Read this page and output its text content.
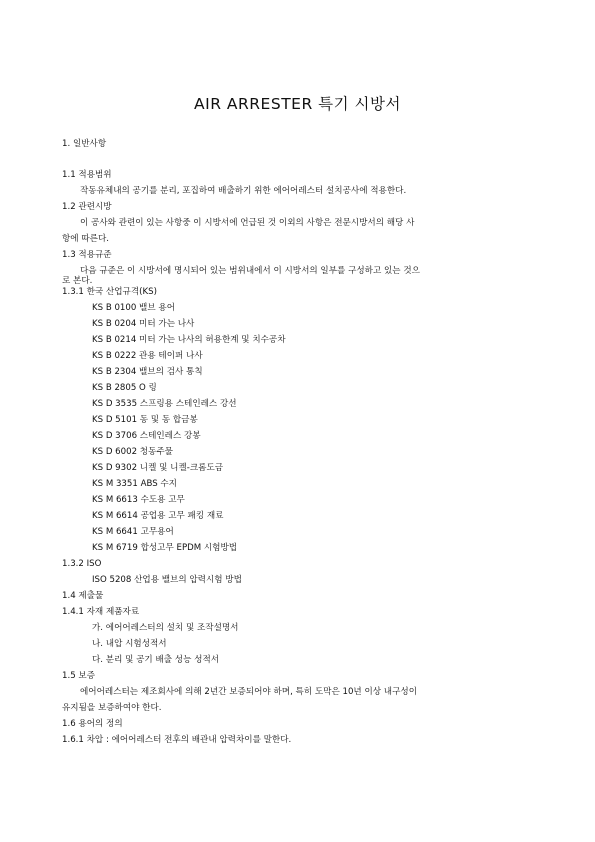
AIR ARRESTER 특기 시방서
1. 일반사항
1.1 적용범위
작동유체내의 공기를 분리, 포집하여 배출하기 위한 에어어레스터 설치공사에 적용한다.
1.2 관련시방
이 공사와 관련이 있는 사항중 이 시방서에 언급된 것 이외의 사항은 전문시방서의 해당 사
항에 따른다.
1.3 적용규준
다음 규준은 이 시방서에 명시되어 있는 범위내에서 이 시방서의 일부를 구성하고 있는 것으
로 본다.
1.3.1 한국 산업규격(KS)
KS B 0100 밸브 용어
KS B 0204 미터 가는 나사
KS B 0214 미터 가는 나사의 허용한계 및 치수공차
KS B 0222 관용 테이퍼 나사
KS B 2304 밸브의 검사 통칙
KS B 2805 O 링
KS D 3535 스프링용 스테인레스 강선
KS D 5101 동 및 동 합금봉
KS D 3706 스테인레스 강봉
KS D 6002 청동주물
KS D 9302 니켈 및 니켈-크롬도금
KS M 3351 ABS 수지
KS M 6613 수도용 고무
KS M 6614 공업용 고무 패킹 재료
KS M 6641 고무용어
KS M 6719 합성고무 EPDM 시험방법
1.3.2 ISO
ISO 5208 산업용 밸브의 압력시험 방법
1.4 제출물
1.4.1 자재 제품자료
가. 에어어레스터의 설치 및 조작설명서
나. 내압 시험성적서
다. 분리 및 공기 배출 성능 성적서
1.5 보증
에어어레스터는 제조회사에 의해 2년간 보증되어야 하며, 특히 도막은 10년 이상 내구성이
유지됨을 보증하여야 한다.
1.6 용어의 정의
1.6.1 차압 : 에어어레스터 전후의 배관내 압력차이를 말한다.
